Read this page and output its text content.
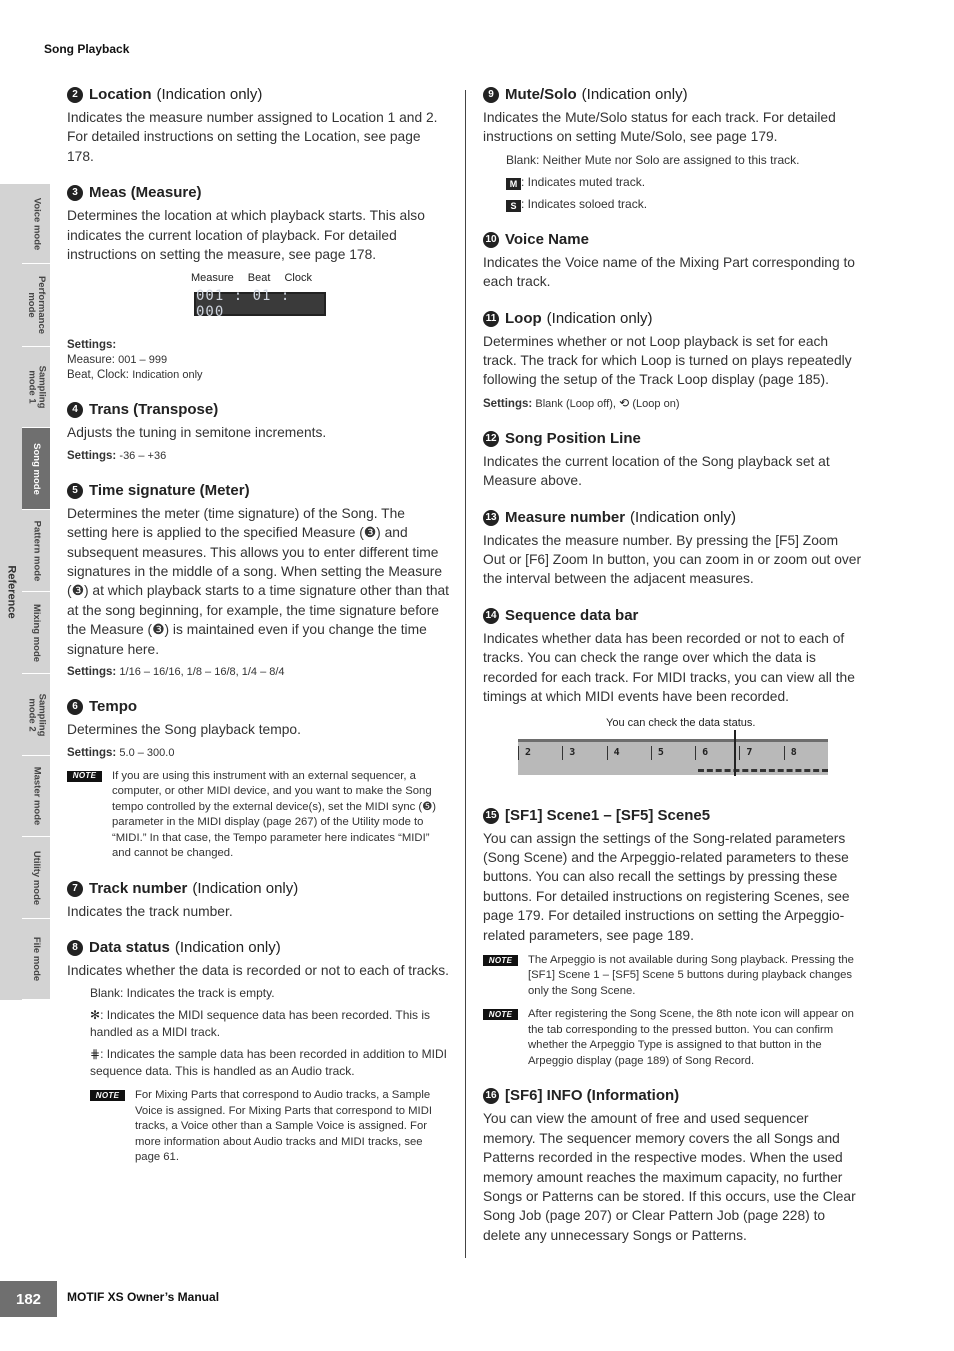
Song Playback
Reference
Voice mode
Performance
mode
Sampling
mode 1
Song mode
Pattern mode
Mixing mode
Sampling
mode 2
Master mode
Utility mode
File mode
2 Location (Indication only)
Indicates the measure number assigned to Location 1 and 2. For detailed instructions on setting the Location, see page 178.
3 Meas (Measure)
Determines the location at which playback starts. This also indicates the current location of playback. For detailed instructions on setting the measure, see page 178.
Measure Beat Clock
001 : 01 : 000
Settings:
Measure: 001 – 999
Beat, Clock: Indication only
4 Trans (Transpose)
Adjusts the tuning in semitone increments.
Settings: -36 – +36
5 Time signature (Meter)
Determines the meter (time signature) of the Song. The setting here is applied to the specified Measure (❸) and subsequent measures. This allows you to enter different time signatures in the middle of a song. When setting the Measure (❸) at which playback starts to a time signature other than that at the song beginning, for example, the time signature before the Measure (❸) is maintained even if you change the time signature here.
Settings: 1/16 – 16/16, 1/8 – 16/8, 1/4 – 8/4
6 Tempo
Determines the Song playback tempo.
Settings: 5.0 – 300.0
NOTE	If you are using this instrument with an external sequencer, a computer, or other MIDI device, and you want to make the Song tempo controlled by the external device(s), set the MIDI sync (❺) parameter in the MIDI display (page 267) of the Utility mode to “MIDI.” In that case, the Tempo parameter here indicates “MIDI” and cannot be changed.
7 Track number (Indication only)
Indicates the track number.
8 Data status (Indication only)
Indicates whether the data is recorded or not to each of tracks.
Blank: Indicates the track is empty.
✻: Indicates the MIDI sequence data has been recorded. This is handled as a MIDI track.
⋕: Indicates the sample data has been recorded in addition to MIDI sequence data. This is handled as an Audio track.
NOTE	For Mixing Parts that correspond to Audio tracks, a Sample Voice is assigned. For Mixing Parts that correspond to MIDI tracks, a Voice other than a Sample Voice is assigned. For more information about Audio tracks and MIDI tracks, see page 61.
9 Mute/Solo (Indication only)
Indicates the Mute/Solo status for each track. For detailed instructions on setting Mute/Solo, see page 179.
Blank: Neither Mute nor Solo are assigned to this track.
M : Indicates muted track.
S : Indicates soloed track.
10 Voice Name
Indicates the Voice name of the Mixing Part corresponding to each track.
11 Loop (Indication only)
Determines whether or not Loop playback is set for each track. The track for which Loop is turned on plays repeatedly following the setup of the Track Loop display (page 185).
Settings: Blank (Loop off), ⟲ (Loop on)
12 Song Position Line
Indicates the current location of the Song playback set at Measure above.
13 Measure number (Indication only)
Indicates the measure number. By pressing the [F5] Zoom Out or [F6] Zoom In button, you can zoom in or zoom out over the interval between the adjacent measures.
14 Sequence data bar
Indicates whether data has been recorded or not to each of tracks. You can check the range over which the data is recorded for each track. For MIDI tracks, you can view all the timings at which MIDI events have been recorded.
You can check the data status.
2	3	4	5	6	7	8
15 [SF1] Scene1 – [SF5] Scene5
You can assign the settings of the Song-related parameters (Song Scene) and the Arpeggio-related parameters to these buttons. You can also recall the settings by pressing these buttons. For detailed instructions on registering Scenes, see page 179. For detailed instructions on setting the Arpeggio-related parameters, see page 189.
NOTE	The Arpeggio is not available during Song playback. Pressing the [SF1] Scene 1 – [SF5] Scene 5 buttons during playback changes only the Song Scene.
NOTE	After registering the Song Scene, the 8th note icon will appear on the tab corresponding to the pressed button. You can confirm whether the Arpeggio Type is assigned to that button in the Arpeggio display (page 189) of Song Record.
16 [SF6] INFO (Information)
You can view the amount of free and used sequencer memory. The sequencer memory covers the all Songs and Patterns recorded in the respective modes. When the used memory amount reaches the maximum capacity, no further Songs or Patterns can be stored. If this occurs, use the Clear Song Job (page 207) or Clear Pattern Job (page 228) to delete any unnecessary Songs or Patterns.
182	MOTIF XS Owner’s Manual
